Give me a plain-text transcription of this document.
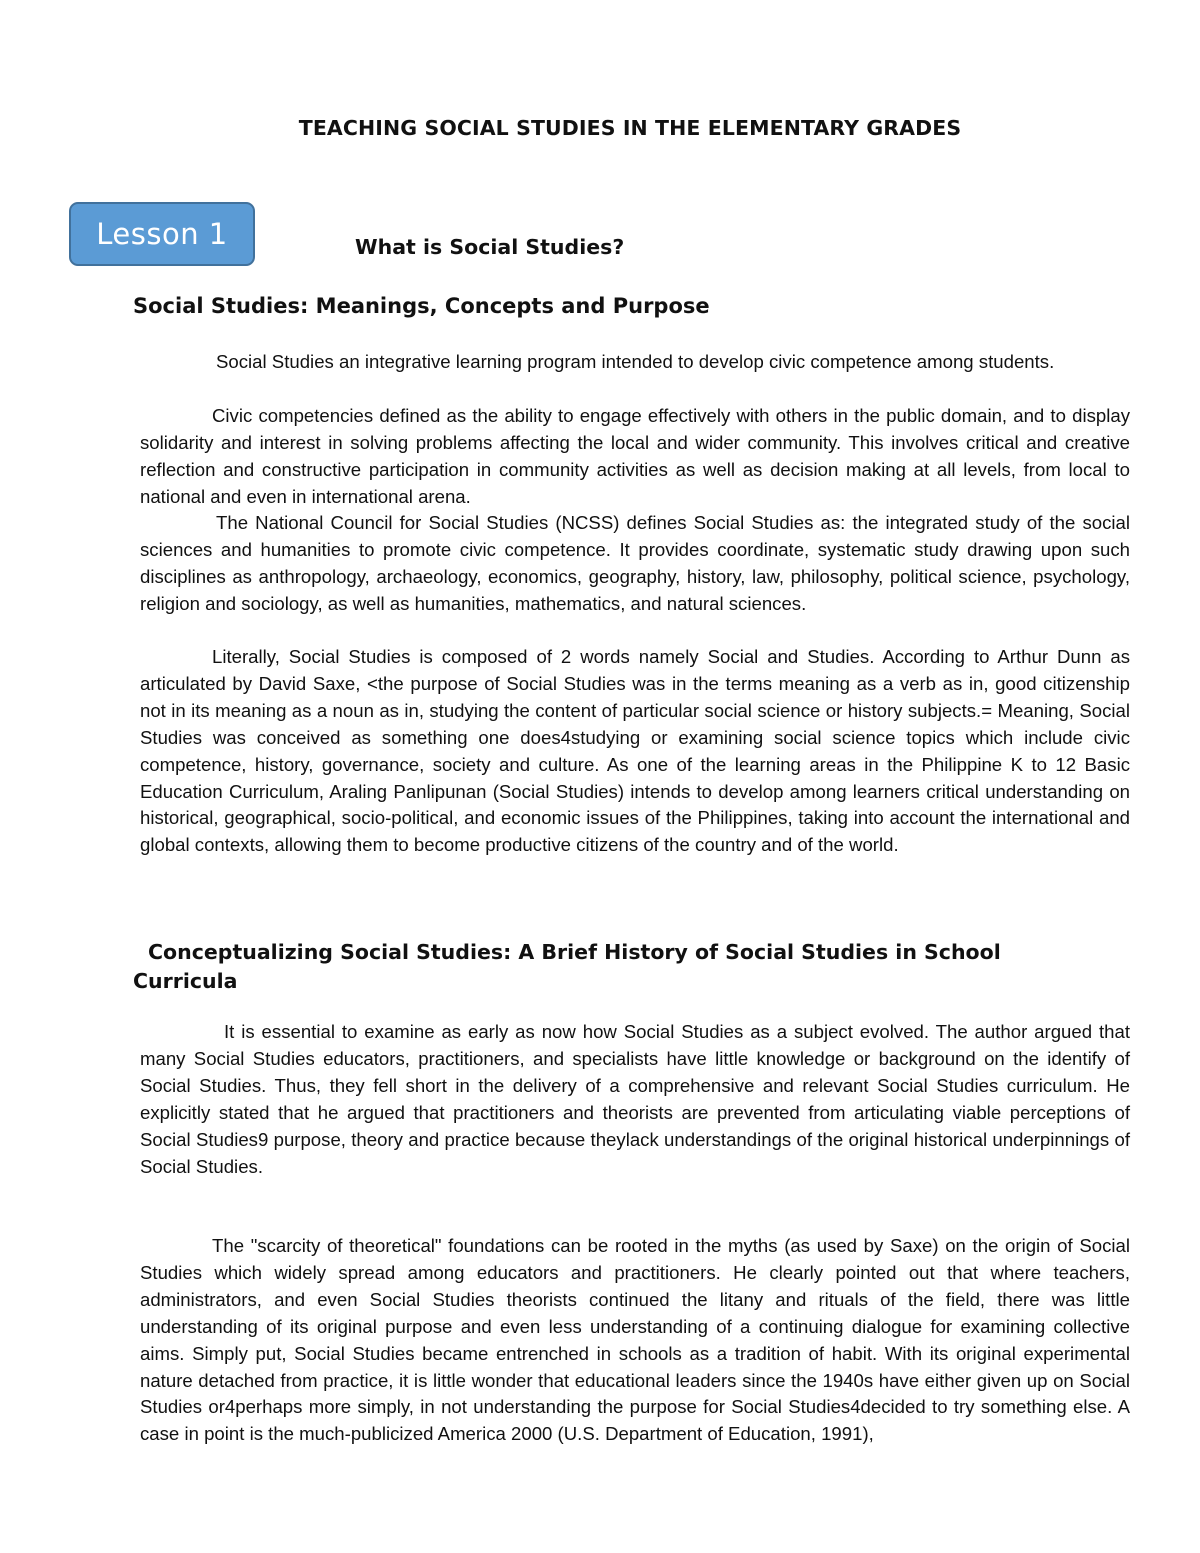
TEACHING SOCIAL STUDIES IN THE ELEMENTARY GRADES
Lesson 1	What is Social Studies?
Social Studies: Meanings, Concepts and Purpose

Social Studies an integrative learning program intended to develop civic competence among students.

Civic competencies defined as the ability to engage effectively with others in the public domain, and to display solidarity and interest in solving problems affecting the local and wider community. This involves critical and creative reflection and constructive participation in community activities as well as decision making at all levels, from local to national and even in international arena.

The National Council for Social Studies (NCSS) defines Social Studies as: the integrated study of the social sciences and humanities to promote civic competence. It provides coordinate, systematic study drawing upon such disciplines as anthropology, archaeology, economics, geography, history, law, philosophy, political science, psychology, religion and sociology, as well as humanities, mathematics, and natural sciences.

Literally, Social Studies is composed of 2 words namely Social and Studies. According to Arthur Dunn as articulated by David Saxe, <the purpose of Social Studies was in the terms meaning as a verb as in, good citizenship not in its meaning as a noun as in, studying the content of particular social science or history subjects.= Meaning, Social Studies was conceived as something one does4studying or examining social science topics which include civic competence, history, governance, society and culture. As one of the learning areas in the Philippine K to 12 Basic Education Curriculum, Araling Panlipunan (Social Studies) intends to develop among learners critical understanding on historical, geographical, socio-political, and economic issues of the Philippines, taking into account the international and global contexts, allowing them to become productive citizens of the country and of the world.

Conceptualizing Social Studies: A Brief History of Social Studies in School Curricula

It is essential to examine as early as now how Social Studies as a subject evolved. The author argued that many Social Studies educators, practitioners, and specialists have little knowledge or background on the identify of Social Studies. Thus, they fell short in the delivery of a comprehensive and relevant Social Studies curriculum. He explicitly stated that he argued that practitioners and theorists are prevented from articulating viable perceptions of Social Studies9 purpose, theory and practice because theylack understandings of the original historical underpinnings of Social Studies.

The "scarcity of theoretical" foundations can be rooted in the myths (as used by Saxe) on the origin of Social Studies which widely spread among educators and practitioners. He clearly pointed out that where teachers, administrators, and even Social Studies theorists continued the litany and rituals of the field, there was little understanding of its original purpose and even less understanding of a continuing dialogue for examining collective aims. Simply put, Social Studies became entrenched in schools as a tradition of habit. With its original experimental nature detached from practice, it is little wonder that educational leaders since the 1940s have either given up on Social Studies or4perhaps more simply, in not understanding the purpose for Social Studies4decided to try something else. A case in point is the much-publicized America 2000 (U.S. Department of Education, 1991),
